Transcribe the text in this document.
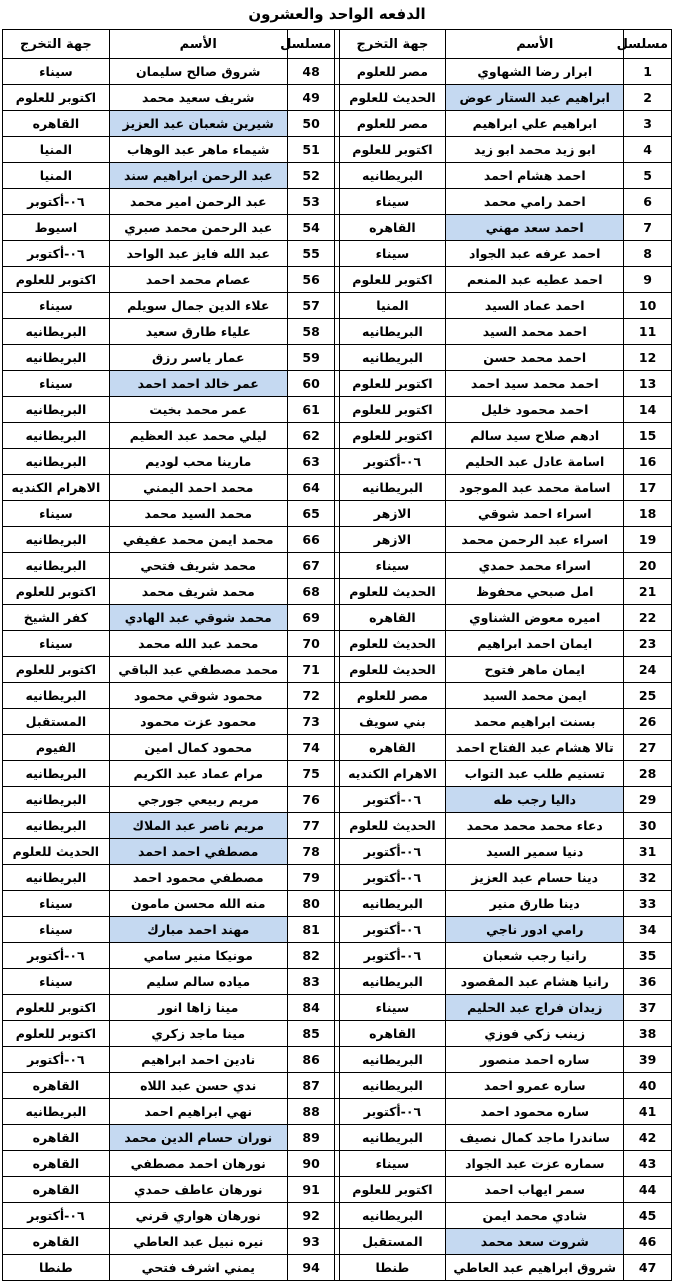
الدفعه الواحد والعشرون
مسلسل	الأسم	جهة التخرج		مسلسل	الأسم	جهة التخرج
1	ابرار رضا الشهاوي	مصر للعلوم		48	شروق صالح سليمان	سيناء
2	ابراهيم عبد الستار عوض	الحديث للعلوم		49	شريف سعيد محمد	اكتوبر للعلوم
3	ابراهيم علي ابراهيم	مصر للعلوم		50	شيرين شعبان عبد العزيز	القاهره
4	ابو زيد محمد ابو زيد	اكتوبر للعلوم		51	شيماء ماهر عبد الوهاب	المنيا
5	احمد هشام احمد	البريطانيه		52	عبد الرحمن ابراهيم سند	المنيا
6	احمد رامي محمد	سيناء		53	عبد الرحمن امير محمد	٠٦-أكتوبر
7	احمد سعد مهني	القاهره		54	عبد الرحمن محمد صبري	اسيوط
8	احمد عرفه عبد الجواد	سيناء		55	عبد الله فايز عبد الواحد	٠٦-أكتوبر
9	احمد عطيه عبد المنعم	اكتوبر للعلوم		56	عصام محمد احمد	اكتوبر للعلوم
10	احمد عماد السيد	المنيا		57	علاء الدين جمال سويلم	سيناء
11	احمد محمد السيد	البريطانيه		58	علياء طارق سعيد	البريطانيه
12	احمد محمد حسن	البريطانيه		59	عمار ياسر رزق	البريطانيه
13	احمد محمد سيد احمد	اكتوبر للعلوم		60	عمر خالد احمد احمد	سيناء
14	احمد محمود خليل	اكتوبر للعلوم		61	عمر محمد بخيت	البريطانيه
15	ادهم صلاح سيد سالم	اكتوبر للعلوم		62	ليلي محمد عبد العظيم	البريطانيه
16	اسامة عادل عبد الحليم	٠٦-أكتوبر		63	مارينا محب لوديم	البريطانيه
17	اسامة محمد عبد الموجود	البريطانيه		64	محمد احمد اليمني	الاهرام الكنديه
18	اسراء احمد شوقي	الازهر		65	محمد السيد محمد	سيناء
19	اسراء عبد الرحمن محمد	الازهر		66	محمد ايمن محمد عفيفي	البريطانيه
20	اسراء محمد حمدي	سيناء		67	محمد شريف فتحي	البريطانيه
21	امل صبحي محفوظ	الحديث للعلوم		68	محمد شريف محمد	اكتوبر للعلوم
22	اميره معوض الشناوي	القاهره		69	محمد شوقي عبد الهادي	كفر الشيخ
23	ايمان احمد ابراهيم	الحديث للعلوم		70	محمد عبد الله محمد	سيناء
24	ايمان ماهر فتوح	الحديث للعلوم		71	محمد مصطفي عبد الباقي	اكتوبر للعلوم
25	ايمن محمد السيد	مصر للعلوم		72	محمود شوقي محمود	البريطانيه
26	بسنت ابراهيم محمد	بني سويف		73	محمود عزت محمود	المستقبل
27	تالا هشام عبد الفتاح احمد	القاهره		74	محمود كمال امين	الفيوم
28	تسنيم طلب عبد التواب	الاهرام الكنديه		75	مرام عماد عبد الكريم	البريطانيه
29	داليا رجب طه	٠٦-أكتوبر		76	مريم ربيعي جورجي	البريطانيه
30	دعاء محمد محمد محمد	الحديث للعلوم		77	مريم ناصر عبد الملاك	البريطانيه
31	دنيا سمير السيد	٠٦-أكتوبر		78	مصطفي احمد احمد	الحديث للعلوم
32	دينا حسام عبد العزيز	٠٦-أكتوبر		79	مصطفي محمود احمد	البريطانيه
33	دينا طارق منير	البريطانيه		80	منه الله محسن مامون	سيناء
34	رامي ادور ناجي	٠٦-أكتوبر		81	مهند احمد مبارك	سيناء
35	رانيا رجب شعبان	٠٦-أكتوبر		82	مونيكا منير سامي	٠٦-أكتوبر
36	رانيا هشام عبد المقصود	البريطانيه		83	مياده سالم سليم	سيناء
37	زيدان فراج عبد الحليم	سيناء		84	مينا زاها انور	اكتوبر للعلوم
38	زينب زكي فوزي	القاهره		85	مينا ماجد زكري	اكتوبر للعلوم
39	ساره احمد منصور	البريطانيه		86	نادين احمد ابراهيم	٠٦-أكتوبر
40	ساره عمرو احمد	البريطانيه		87	ندي حسن عبد اللاه	القاهره
41	ساره محمود احمد	٠٦-أكتوبر		88	نهي ابراهيم احمد	البريطانيه
42	ساندرا ماجد كمال نصيف	البريطانيه		89	نوران حسام الدين محمد	القاهره
43	سماره عزت عبد الجواد	سيناء		90	نورهان احمد مصطفي	القاهره
44	سمر ايهاب احمد	اكتوبر للعلوم		91	نورهان عاطف حمدي	القاهره
45	شادي محمد ايمن	البريطانيه		92	نورهان هواري قرني	٠٦-أكتوبر
46	شروت سعد محمد	المستقبل		93	نيره نبيل عبد العاطي	القاهره
47	شروق ابراهيم عبد العاطي	طنطا		94	يمني اشرف فتحي	طنطا
